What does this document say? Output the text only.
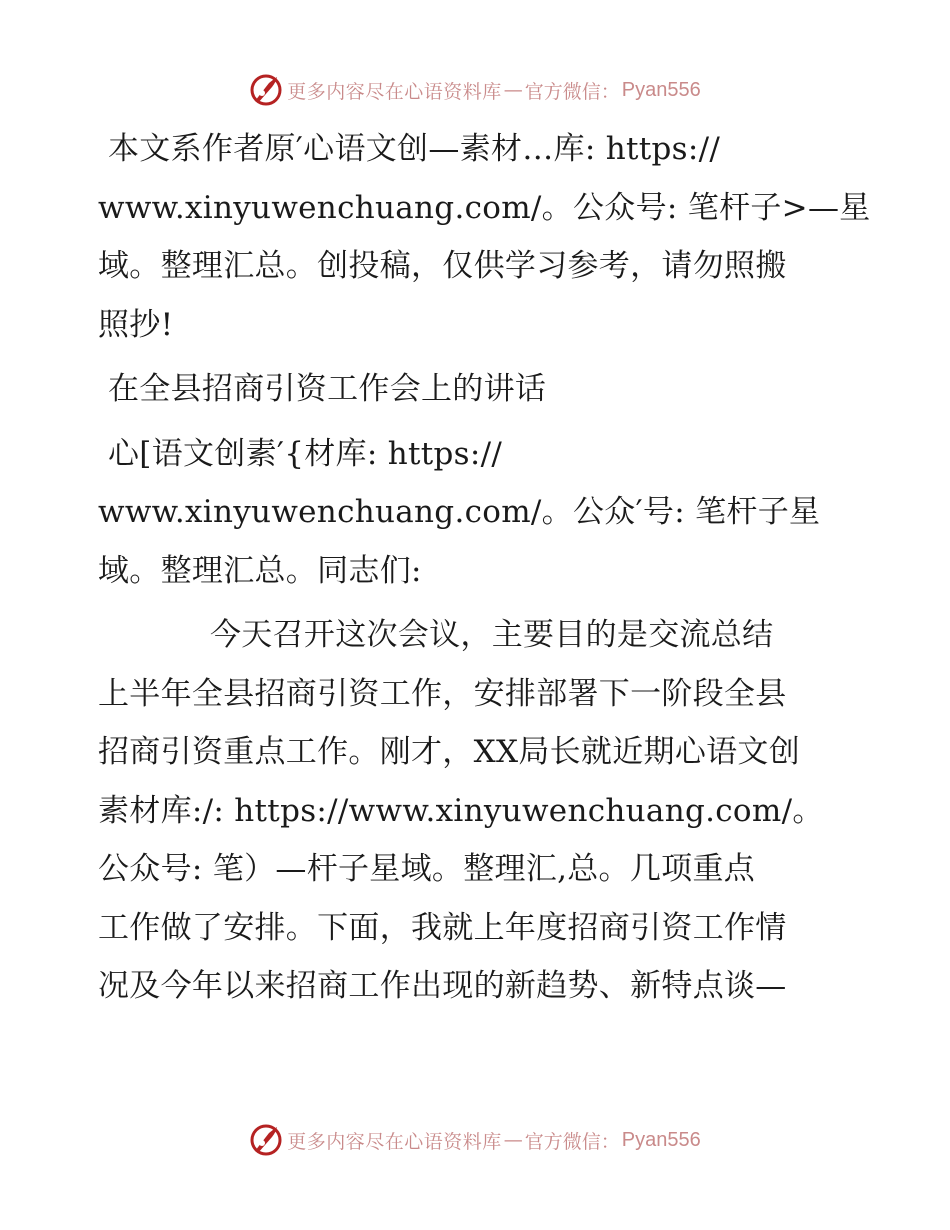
更多内容尽在心语资料库 — 官方微信： Pyan556

本文系作者原′心语文创—素材…库: https://

www.xinyuwenchuang.com/。公众号: 笔杆子>—星

域。整理汇总。创投稿，仅供学习参考，请勿照搬

照抄!

在全县招商引资工作会上的讲话

心[语文创素′{材库: https://

www.xinyuwenchuang.com/。公众′号: 笔杆子星

域。整理汇总。同志们:

今天召开这次会议，主要目的是交流总结

上半年全县招商引资工作，安排部署下一阶段全县

招商引资重点工作。刚才，XX局长就近期心语文创

素材库:/: https://www.xinyuwenchuang.com/。

公众号: 笔）—杆子星域。整理汇,总。几项重点

工作做了安排。下面，我就上年度招商引资工作情

况及今年以来招商工作出现的新趋势、新特点谈—

更多内容尽在心语资料库 — 官方微信： Pyan556
